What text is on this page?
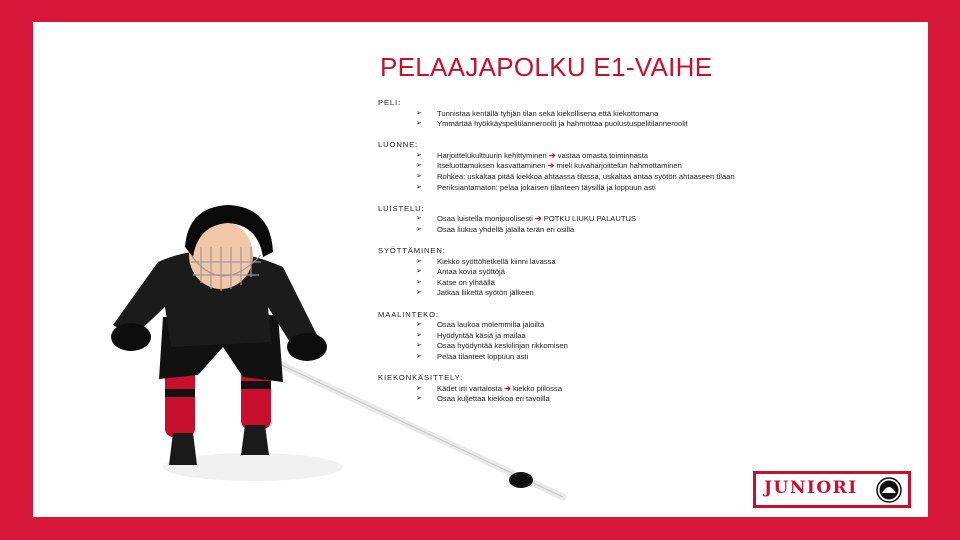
PELAAJAPOLKU E1-VAIHE
PELI:
➢ Tunnistaa kentällä tyhjän tilan sekä kiekollisena että kiekottomana
➢ Ymmärtää hyökkäyspelitilanneroolit ja hahmottaa puolustuspelitilanneroolit
LUONNE:
➢ Harjoittelukulttuurin kehittyminen ➔ vastaa omasta toiminnasta
➢ Itseluottamuksen kasvattaminen ➔ mieli kuvaharjoittelun hahmottaminen
➢ Rohkea: uskaltaa pitää kiekkoa ahtaassa tilassa, uskaltaa antaa syötön ahtaaseen tilaan
➢ Periksiantamaton: pelaa jokaisen tilanteen täysillä ja loppuun asti
LUISTELU:
➢ Osaa luistella monipuolisesti ➔ POTKU LIUKU PALAUTUS
➢ Osaa liukua yhdellä jalalla terän eri osilla
SYÖTTÄMINEN:
➢ Kiekko syöttöhetkellä kiinni lavassa
➢ Antaa kovia syöttöjä
➢ Katse on ylhäällä
➢ Jatkaa liikettä syötön jälkeen
MAALINTEKO:
➢ Osaa laukoa molemmilta jaloilta
➢ Hyödyntää käsiä ja mailaa
➢ Osaa hyödyntää keskilinjan rikkomisen
➢ Pelaa tilanteet loppuun asti
KIEKONKÄSITTELY:
➢ Kädet irti vartalosta ➔ kiekko piilossa
➢ Osaa kuljettaa kiekkoa eri tavoilla
JUNIORI
